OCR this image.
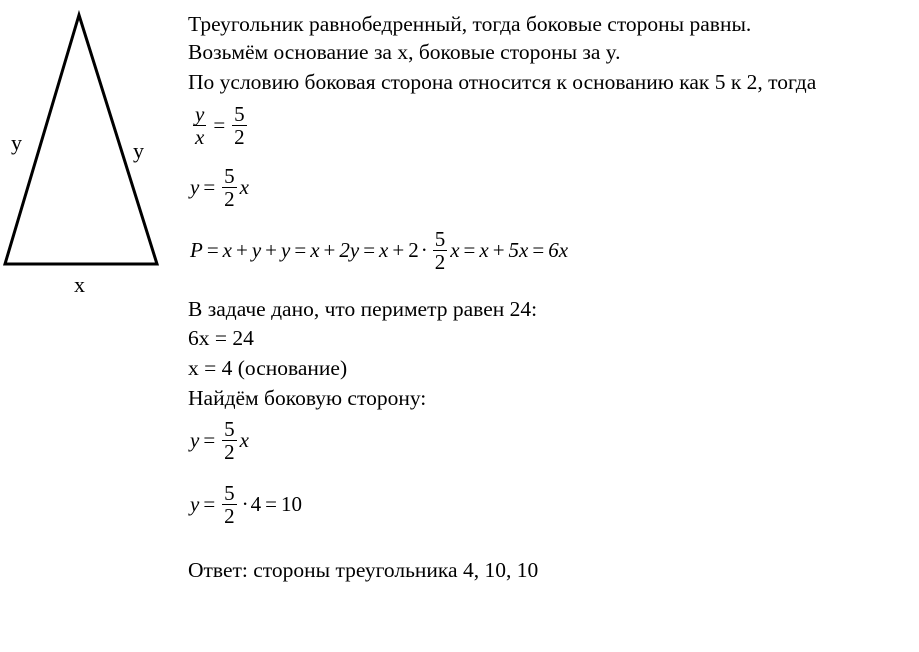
y	y
x
Треугольник равнобедренный, тогда боковые стороны равны.
Возьмём основание за x, боковые стороны за y.
По условию боковая сторона относится к основанию как 5 к 2, тогда
$\frac{y}{x} = \frac{5}{2}$
$y = \frac{5}{2}$ x
$P = x + y + y = x + 2y = x + 2 \cdot \frac{5}{2}$ x = x + 5x = 6x
В задаче дано, что периметр равен 24:
6x = 24
x = 4 (основание)
Найдём боковую сторону:
$y = \frac{5}{2}$ x
$y = \frac{5}{2} \cdot 4 = 10$
Ответ: стороны треугольника 4, 10, 10
